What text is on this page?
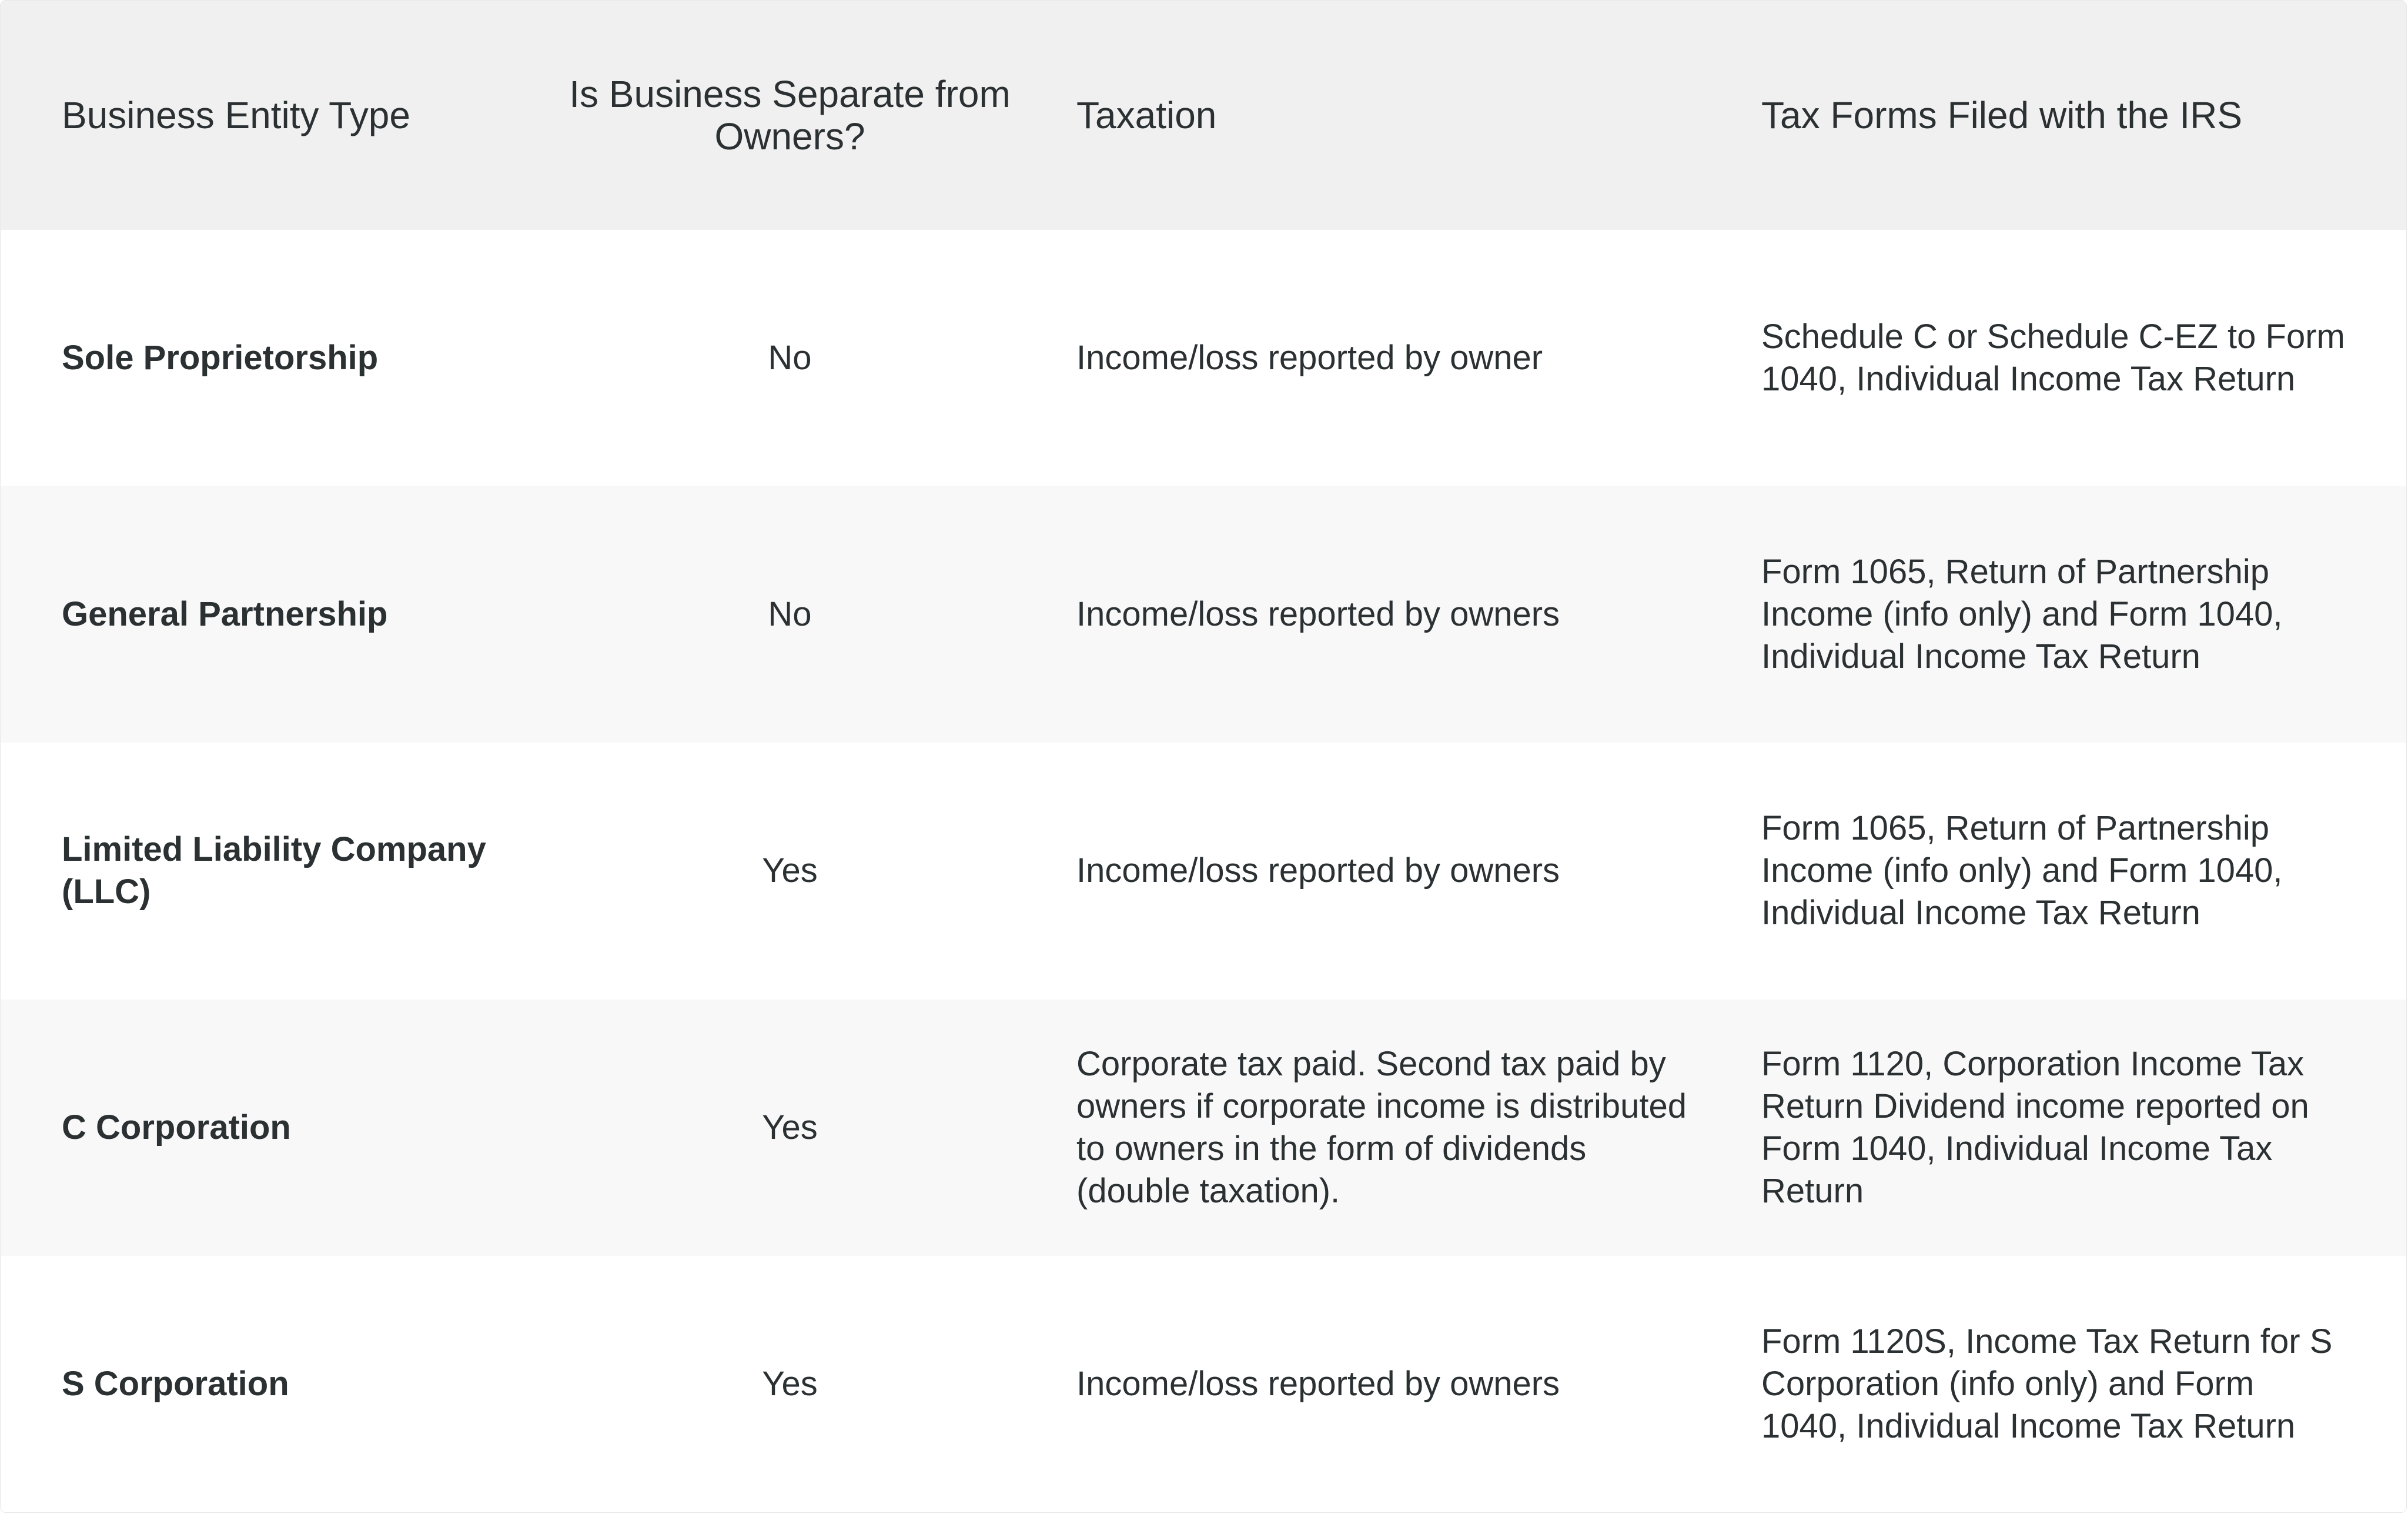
Business Entity Type	Is Business Separate from Owners?	Taxation	Tax Forms Filed with the IRS
Sole Proprietorship	No	Income/loss reported by owner	Schedule C or Schedule C-EZ to Form 1040, Individual Income Tax Return
General Partnership	No	Income/loss reported by owners	Form 1065, Return of Partnership Income (info only) and Form 1040, Individual Income Tax Return
Limited Liability Company (LLC)	Yes	Income/loss reported by owners	Form 1065, Return of Partnership Income (info only) and Form 1040, Individual Income Tax Return
C Corporation	Yes	Corporate tax paid. Second tax paid by owners if corporate income is distributed to owners in the form of dividends (double taxation).	Form 1120, Corporation Income Tax Return Dividend income reported on Form 1040, Individual Income Tax Return
S Corporation	Yes	Income/loss reported by owners	Form 1120S, Income Tax Return for S Corporation (info only) and Form 1040, Individual Income Tax Return
